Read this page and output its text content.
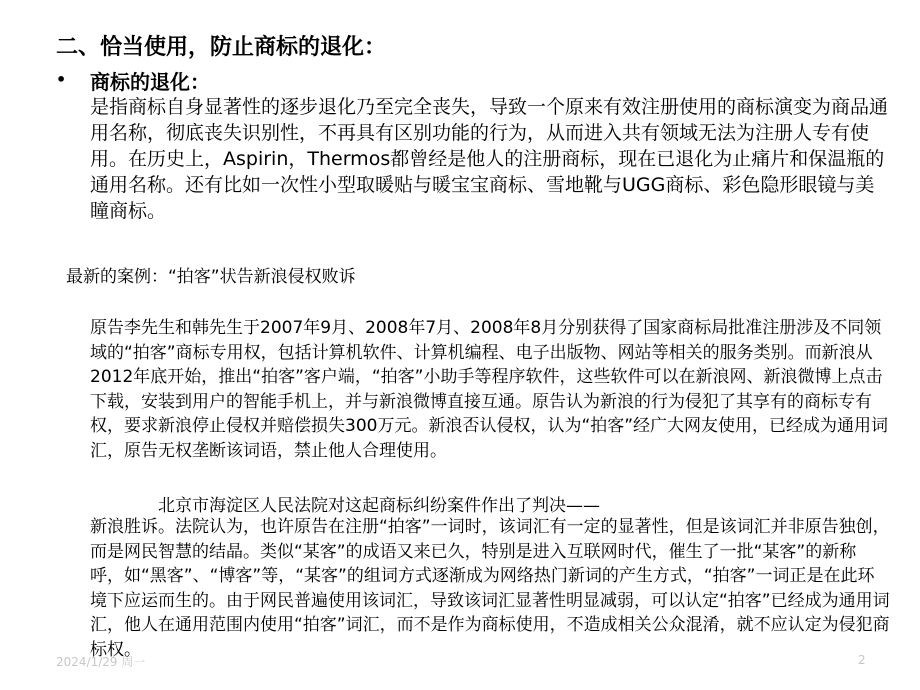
二、恰当使用，防止商标的退化：
• 商标的退化：

是指商标自身显著性的逐步退化乃至完全丧失，导致一个原来有效注册使用的商标演变为商品通用名称，彻底丧失识别性，不再具有区别功能的行为，从而进入共有领域无法为注册人专有使用。在历史上，Aspirin，Thermos都曾经是他人的注册商标，现在已退化为止痛片和保温瓶的通用名称。还有比如一次性小型取暖贴与暖宝宝商标、雪地靴与UGG商标、彩色隐形眼镜与美瞳商标。

最新的案例：“拍客”状告新浪侵权败诉

原告李先生和韩先生于2007年9月、2008年7月、2008年8月分别获得了国家商标局批准注册涉及不同领域的“拍客”商标专用权，包括计算机软件、计算机编程、电子出版物、网站等相关的服务类别。而新浪从2012年底开始，推出“拍客”客户端，“拍客”小助手等程序软件，这些软件可以在新浪网、新浪微博上点击下载，安装到用户的智能手机上，并与新浪微博直接互通。原告认为新浪的行为侵犯了其享有的商标专有权，要求新浪停止侵权并赔偿损失300万元。新浪否认侵权，认为“拍客”经广大网友使用，已经成为通用词汇，原告无权垄断该词语，禁止他人合理使用。

北京市海淀区人民法院对这起商标纠纷案件作出了判决——

新浪胜诉。法院认为，也许原告在注册“拍客”一词时，该词汇有一定的显著性，但是该词汇并非原告独创，而是网民智慧的结晶。类似“某客”的成语又来已久，特别是进入互联网时代，催生了一批“某客”的新称呼，如“黑客”、“博客”等，“某客”的组词方式逐渐成为网络热门新词的产生方式，“拍客”一词正是在此环境下应运而生的。由于网民普遍使用该词汇，导致该词汇显著性明显减弱，可以认定“拍客”已经成为通用词汇，他人在通用范围内使用“拍客”词汇，而不是作为商标使用，不造成相关公众混淆，就不应认定为侵犯商标权。

2024/1/29 周一	2
